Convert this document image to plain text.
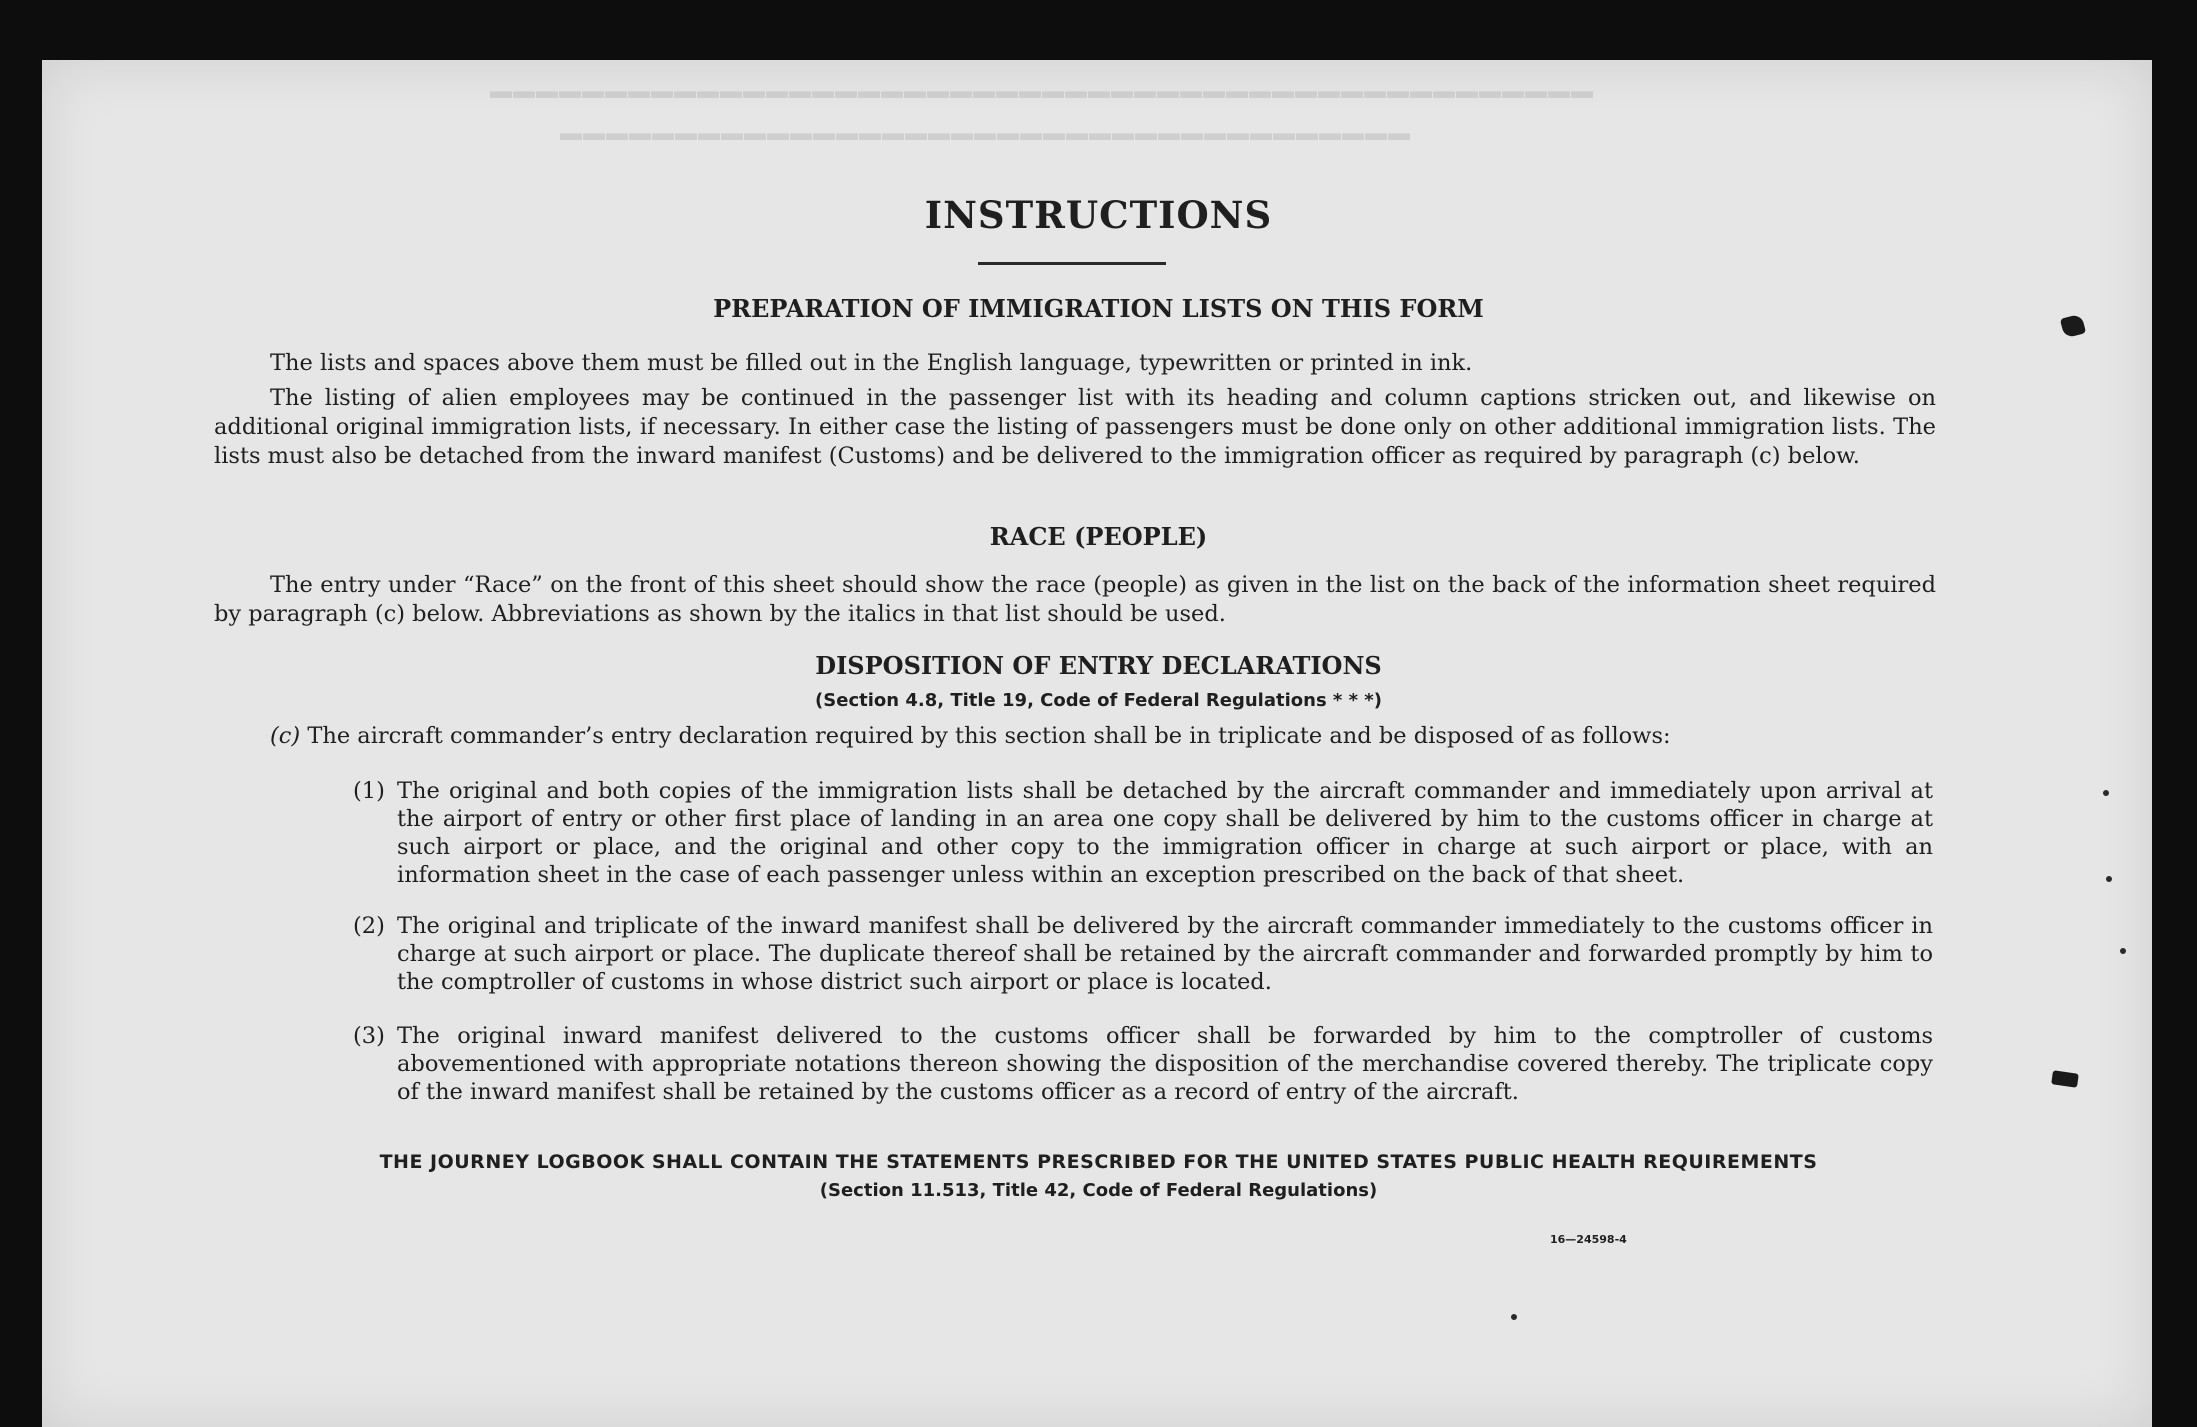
▬▬▬▬▬▬▬▬▬▬▬▬▬▬▬▬▬▬▬▬▬▬▬▬▬▬▬▬▬▬▬▬▬▬▬▬▬▬▬▬▬▬▬▬▬▬▬▬
▬▬▬▬▬▬▬▬▬▬▬▬▬▬▬▬▬▬▬▬▬▬▬▬▬▬▬▬▬▬▬▬▬▬▬▬▬
INSTRUCTIONS
PREPARATION OF IMMIGRATION LISTS ON THIS FORM
The lists and spaces above them must be filled out in the English language, typewritten or printed in ink.
The listing of alien employees may be continued in the passenger list with its heading and column captions stricken out, and likewise on additional original immigration lists, if necessary. In either case the listing of passengers must be done only on other additional immigration lists. The lists must also be detached from the inward manifest (Customs) and be delivered to the immigration officer as required by paragraph (c) below.
RACE (PEOPLE)
The entry under “Race” on the front of this sheet should show the race (people) as given in the list on the back of the information sheet required by paragraph (c) below. Abbreviations as shown by the italics in that list should be used.
DISPOSITION OF ENTRY DECLARATIONS
(Section 4.8, Title 19, Code of Federal Regulations * * *)
(c) The aircraft commander’s entry declaration required by this section shall be in triplicate and be disposed of as follows:
(1) The original and both copies of the immigration lists shall be detached by the aircraft commander and immediately upon arrival at the airport of entry or other first place of landing in an area one copy shall be delivered by him to the customs officer in charge at such airport or place, and the original and other copy to the immigration officer in charge at such airport or place, with an information sheet in the case of each passenger unless within an exception prescribed on the back of that sheet.
(2) The original and triplicate of the inward manifest shall be delivered by the aircraft commander immediately to the customs officer in charge at such airport or place. The duplicate thereof shall be retained by the aircraft commander and forwarded promptly by him to the comptroller of customs in whose district such airport or place is located.
(3) The original inward manifest delivered to the customs officer shall be forwarded by him to the comptroller of customs abovementioned with appropriate notations thereon showing the disposition of the merchandise covered thereby. The triplicate copy of the inward manifest shall be retained by the customs officer as a record of entry of the aircraft.
THE JOURNEY LOGBOOK SHALL CONTAIN THE STATEMENTS PRESCRIBED FOR THE UNITED STATES PUBLIC HEALTH REQUIREMENTS
(Section 11.513, Title 42, Code of Federal Regulations)
16—24598-4
